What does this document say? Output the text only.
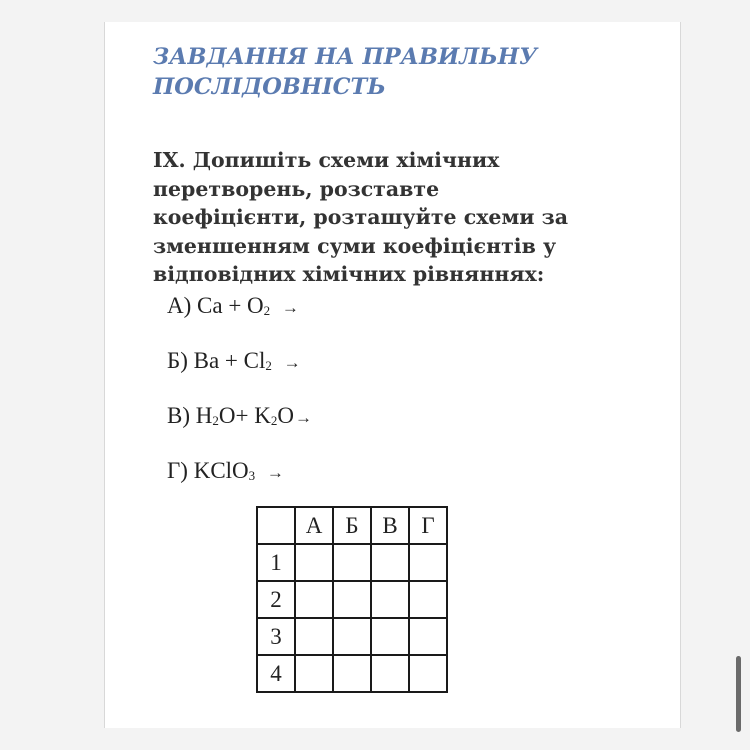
ЗАВДАННЯ НА ПРАВИЛЬНУ
ПОСЛІДОВНІСТЬ
IX. Допишіть схеми хімічних
перетворень, розставте
коефіцієнти, розташуйте схеми за
зменшенням суми коефіцієнтів у
відповідних хімічних рівняннях:
А) $Ca + O_2$ →
Б) $Ba + Cl_2$ →
В) $H_2O+ K_2O\to$
Г) KClO$_3$ →
	А	Б	В	Г
1				
2				
3				
4				
